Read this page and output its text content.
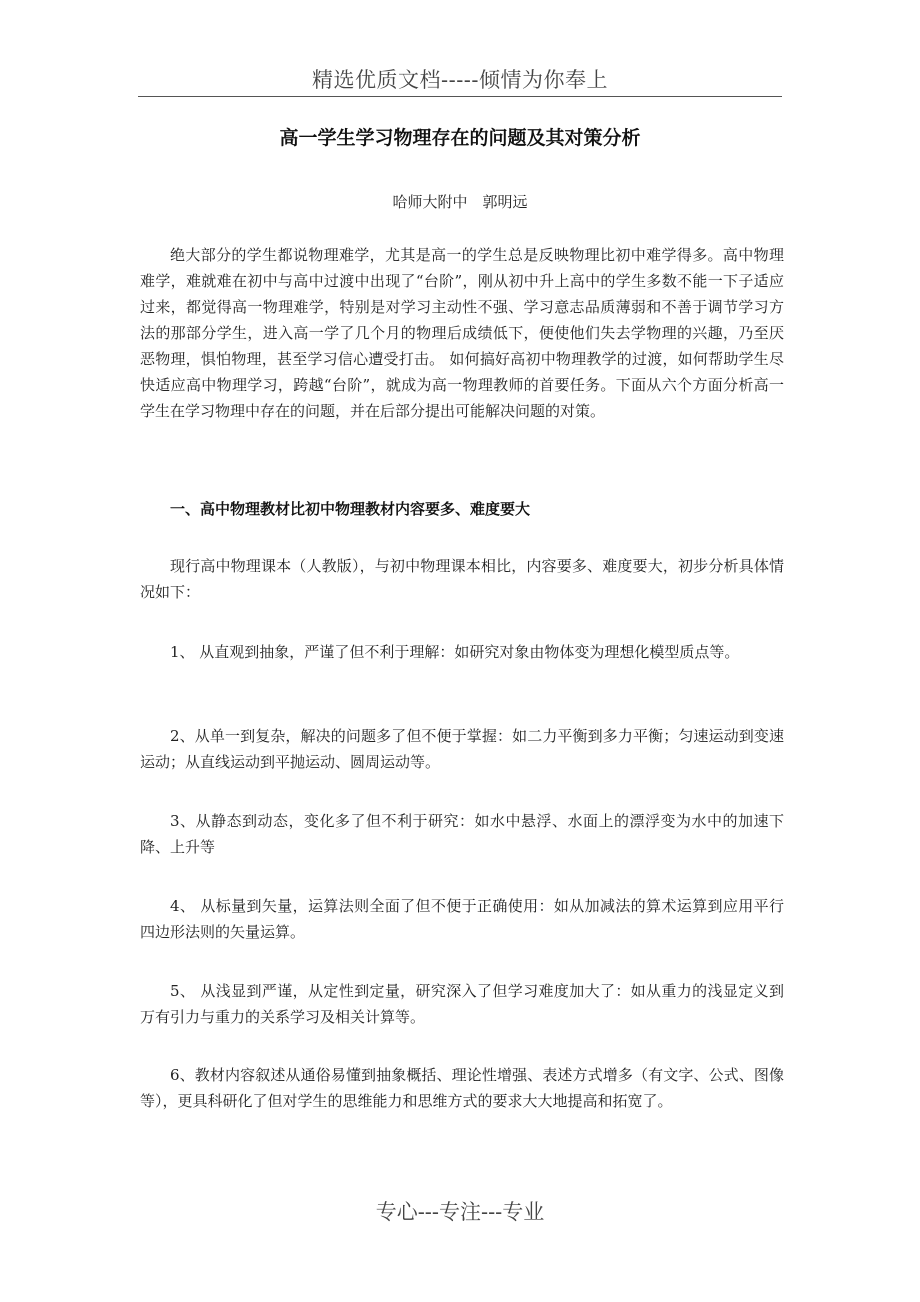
精选优质文档-----倾情为你奉上
高一学生学习物理存在的问题及其对策分析
哈师大附中　郭明远

绝大部分的学生都说物理难学，尤其是高一的学生总是反映物理比初中难学得多。高中物理难学，难就难在初中与高中过渡中出现了“台阶”，刚从初中升上高中的学生多数不能一下子适应过来，都觉得高一物理难学，特别是对学习主动性不强、学习意志品质薄弱和不善于调节学习方法的那部分学生，进入高一学了几个月的物理后成绩低下，便使他们失去学物理的兴趣，乃至厌恶物理，惧怕物理，甚至学习信心遭受打击。 如何搞好高初中物理教学的过渡，如何帮助学生尽快适应高中物理学习，跨越“台阶”，就成为高一物理教师的首要任务。下面从六个方面分析高一学生在学习物理中存在的问题，并在后部分提出可能解决问题的对策。

一、高中物理教材比初中物理教材内容要多、难度要大

现行高中物理课本（人教版），与初中物理课本相比，内容要多、难度要大，初步分析具体情况如下：

1、 从直观到抽象，严谨了但不利于理解：如研究对象由物体变为理想化模型质点等。

2、从单一到复杂，解决的问题多了但不便于掌握：如二力平衡到多力平衡；匀速运动到变速运动；从直线运动到平抛运动、圆周运动等。

3、从静态到动态，变化多了但不利于研究：如水中悬浮、水面上的漂浮变为水中的加速下降、上升等

4、 从标量到矢量，运算法则全面了但不便于正确使用：如从加减法的算术运算到应用平行四边形法则的矢量运算。

5、 从浅显到严谨，从定性到定量，研究深入了但学习难度加大了：如从重力的浅显定义到万有引力与重力的关系学习及相关计算等。

6、教材内容叙述从通俗易懂到抽象概括、理论性增强、表述方式增多（有文字、公式、图像等），更具科研化了但对学生的思维能力和思维方式的要求大大地提高和拓宽了。

专心---专注---专业
